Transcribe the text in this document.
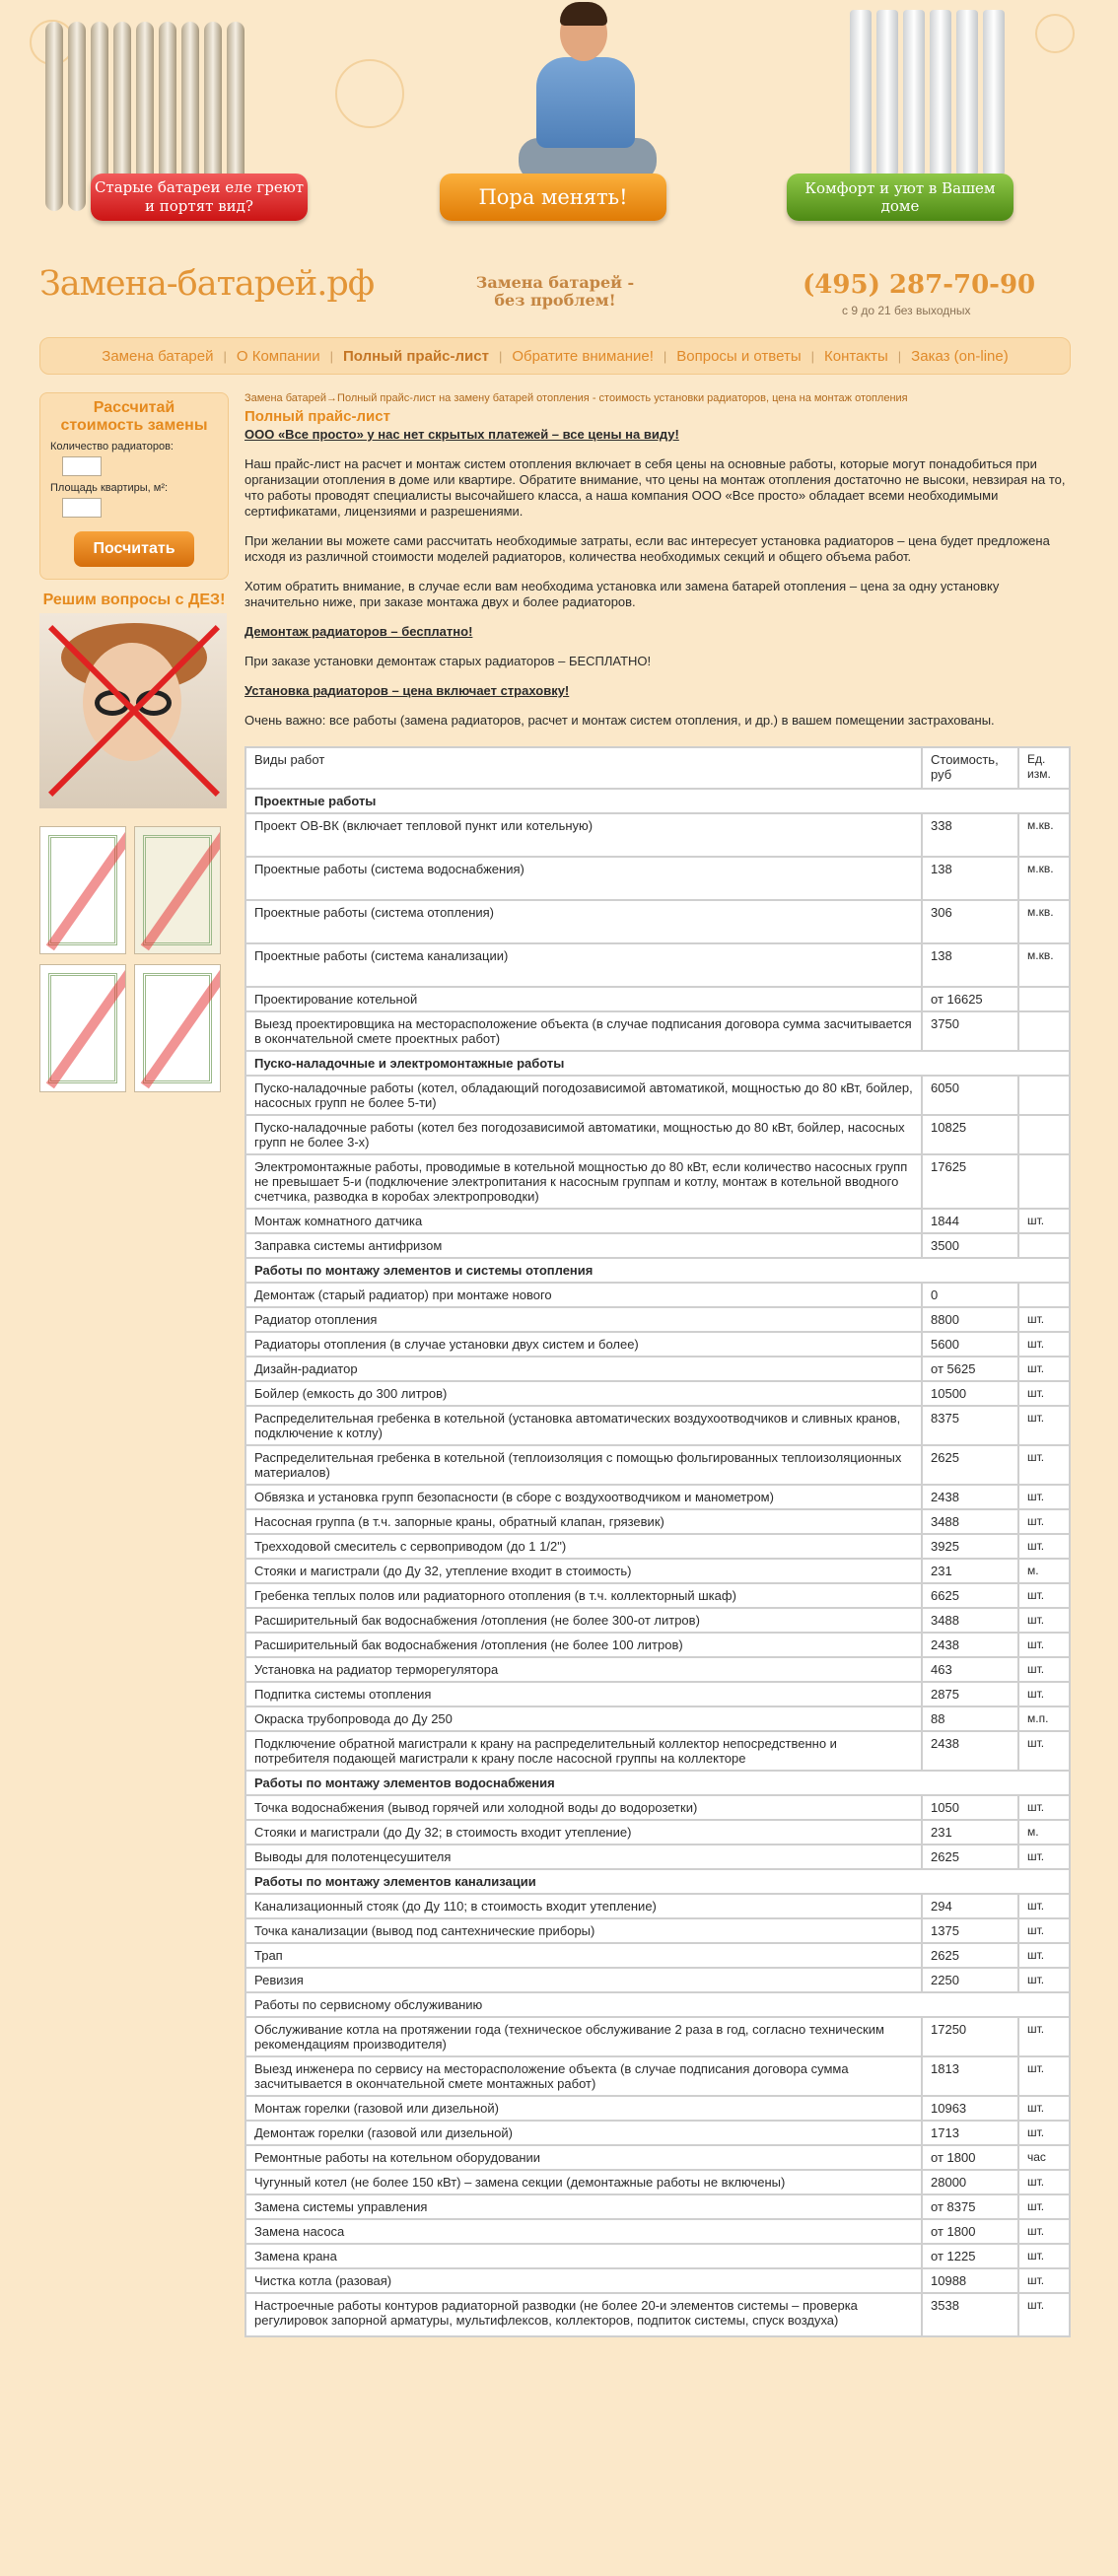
Старые батареи еле греют и портят вид?	Пора менять!	Комфорт и уют в Вашем доме
Замена-батарей.рф	Замена батарей - без проблем!
(495) 287-70-90
с 9 до 21 без выходных
Замена батарей | О Компании | Полный прайс-лист | Обратите внимание! | Вопросы и ответы | Контакты | Заказ (on-line)
Рассчитай стоимость замены
Количество радиаторов:
Площадь квартиры, м²:
Посчитать
Решим вопросы с ДЕЗ!
Замена батарей→Полный прайс-лист на замену батарей отопления - стоимость установки радиаторов, цена на монтаж отопления
Полный прайс-лист

ООО «Все просто» у нас нет скрытых платежей – все цены на виду!

Наш прайс-лист на расчет и монтаж систем отопления включает в себя цены на основные работы, которые могут понадобиться при организации отопления в доме или квартире. Обратите внимание, что цены на монтаж отопления достаточно не высоки, невзирая на то, что работы проводят специалисты высочайшего класса, а наша компания ООО «Все просто» обладает всеми необходимыми сертификатами, лицензиями и разрешениями.

При желании вы можете сами рассчитать необходимые затраты, если вас интересует установка радиаторов – цена будет предложена исходя из различной стоимости моделей радиаторов, количества необходимых секций и общего объема работ.

Хотим обратить внимание, в случае если вам необходима установка или замена батарей отопления – цена за одну установку значительно ниже, при заказе монтажа двух и более радиаторов.

Демонтаж радиаторов – бесплатно!

При заказе установки демонтаж старых радиаторов – БЕСПЛАТНО!

Установка радиаторов – цена включает страховку!

Очень важно: все работы (замена радиаторов, расчет и монтаж систем отопления, и др.) в вашем помещении застрахованы.

Виды работ	Стоимость, руб	Ед. изм.
Проектные работы		
Проект ОВ-ВК (включает тепловой пункт или котельную)	338	м.кв.
Проектные работы (система водоснабжения)	138	м.кв.
Проектные работы (система отопления)	306	м.кв.
Проектные работы (система канализации)	138	м.кв.
Проектирование котельной	от 16625	
Выезд проектировщика на месторасположение объекта (в случае подписания договора сумма засчитывается в окончательной смете проектных работ)	3750	
Пуско-наладочные и электромонтажные работы		
Пуско-наладочные работы (котел, обладающий погодозависимой автоматикой, мощностью до 80 кВт, бойлер, насосных групп не более 5-ти)	6050	
Пуско-наладочные работы (котел без погодозависимой автоматики, мощностью до 80 кВт, бойлер, насосных групп не более 3-х)	10825	
Электромонтажные работы, проводимые в котельной мощностью до 80 кВт, если количество насосных групп не превышает 5-и (подключение электропитания к насосным группам и котлу, монтаж в котельной вводного счетчика, разводка в коробах электропроводки)	17625	
Монтаж комнатного датчика	1844	шт.
Заправка системы антифризом	3500	
Работы по монтажу элементов и системы отопления		
Демонтаж (старый радиатор) при монтаже нового	0	
Радиатор отопления	8800	шт.
Радиаторы отопления (в случае установки двух систем и более)	5600	шт.
Дизайн-радиатор	от 5625	шт.
Бойлер (емкость до 300 литров)	10500	шт.
Распределительная гребенка в котельной (установка автоматических воздухоотводчиков и сливных кранов, подключение к котлу)	8375	шт.
Распределительная гребенка в котельной (теплоизоляция с помощью фольгированных теплоизоляционных материалов)	2625	шт.
Обвязка и установка групп безопасности (в сборе с воздухоотводчиком и манометром)	2438	шт.
Насосная группа (в т.ч. запорные краны, обратный клапан, грязевик)	3488	шт.
Трехходовой смеситель с сервоприводом (до 1 1/2")	3925	шт.
Стояки и магистрали (до Ду 32, утепление входит в стоимость)	231	м.
Гребенка теплых полов или радиаторного отопления (в т.ч. коллекторный шкаф)	6625	шт.
Расширительный бак водоснабжения /отопления (не более 300-от литров)	3488	шт.
Расширительный бак водоснабжения /отопления (не более 100 литров)	2438	шт.
Установка на радиатор терморегулятора	463	шт.
Подпитка системы отопления	2875	шт.
Окраска трубопровода до Ду 250	88	м.п.
Подключение обратной магистрали к крану на распределительный коллектор непосредственно и потребителя подающей магистрали к крану после насосной группы на коллекторе	2438	шт.
Работы по монтажу элементов водоснабжения		
Точка водоснабжения (вывод горячей или холодной воды до водорозетки)	1050	шт.
Стояки и магистрали (до Ду 32; в стоимость входит утепление)	231	м.
Выводы для полотенцесушителя	2625	шт.
Работы по монтажу элементов канализации		
Канализационный стояк (до Ду 110; в стоимость входит утепление)	294	шт.
Точка канализации (вывод под сантехнические приборы)	1375	шт.
Трап	2625	шт.
Ревизия	2250	шт.
Работы по сервисному обслуживанию		
Обслуживание котла на протяжении года (техническое обслуживание 2 раза в год, согласно техническим рекомендациям производителя)	17250	шт.
Выезд инженера по сервису на месторасположение объекта (в случае подписания договора сумма засчитывается в окончательной смете монтажных работ)	1813	шт.
Монтаж горелки (газовой или дизельной)	10963	шт.
Демонтаж горелки (газовой или дизельной)	1713	шт.
Ремонтные работы на котельном оборудовании	от 1800	час
Чугунный котел (не более 150 кВт) – замена секции (демонтажные работы не включены)	28000	шт.
Замена системы управления	от 8375	шт.
Замена насоса	от 1800	шт.
Замена крана	от 1225	шт.
Чистка котла (разовая)	10988	шт.
Настроечные работы контуров радиаторной разводки (не более 20-и элементов системы – проверка регулировок запорной арматуры, мультифлексов, коллекторов, подпиток системы, спуск воздуха)	3538	шт.
